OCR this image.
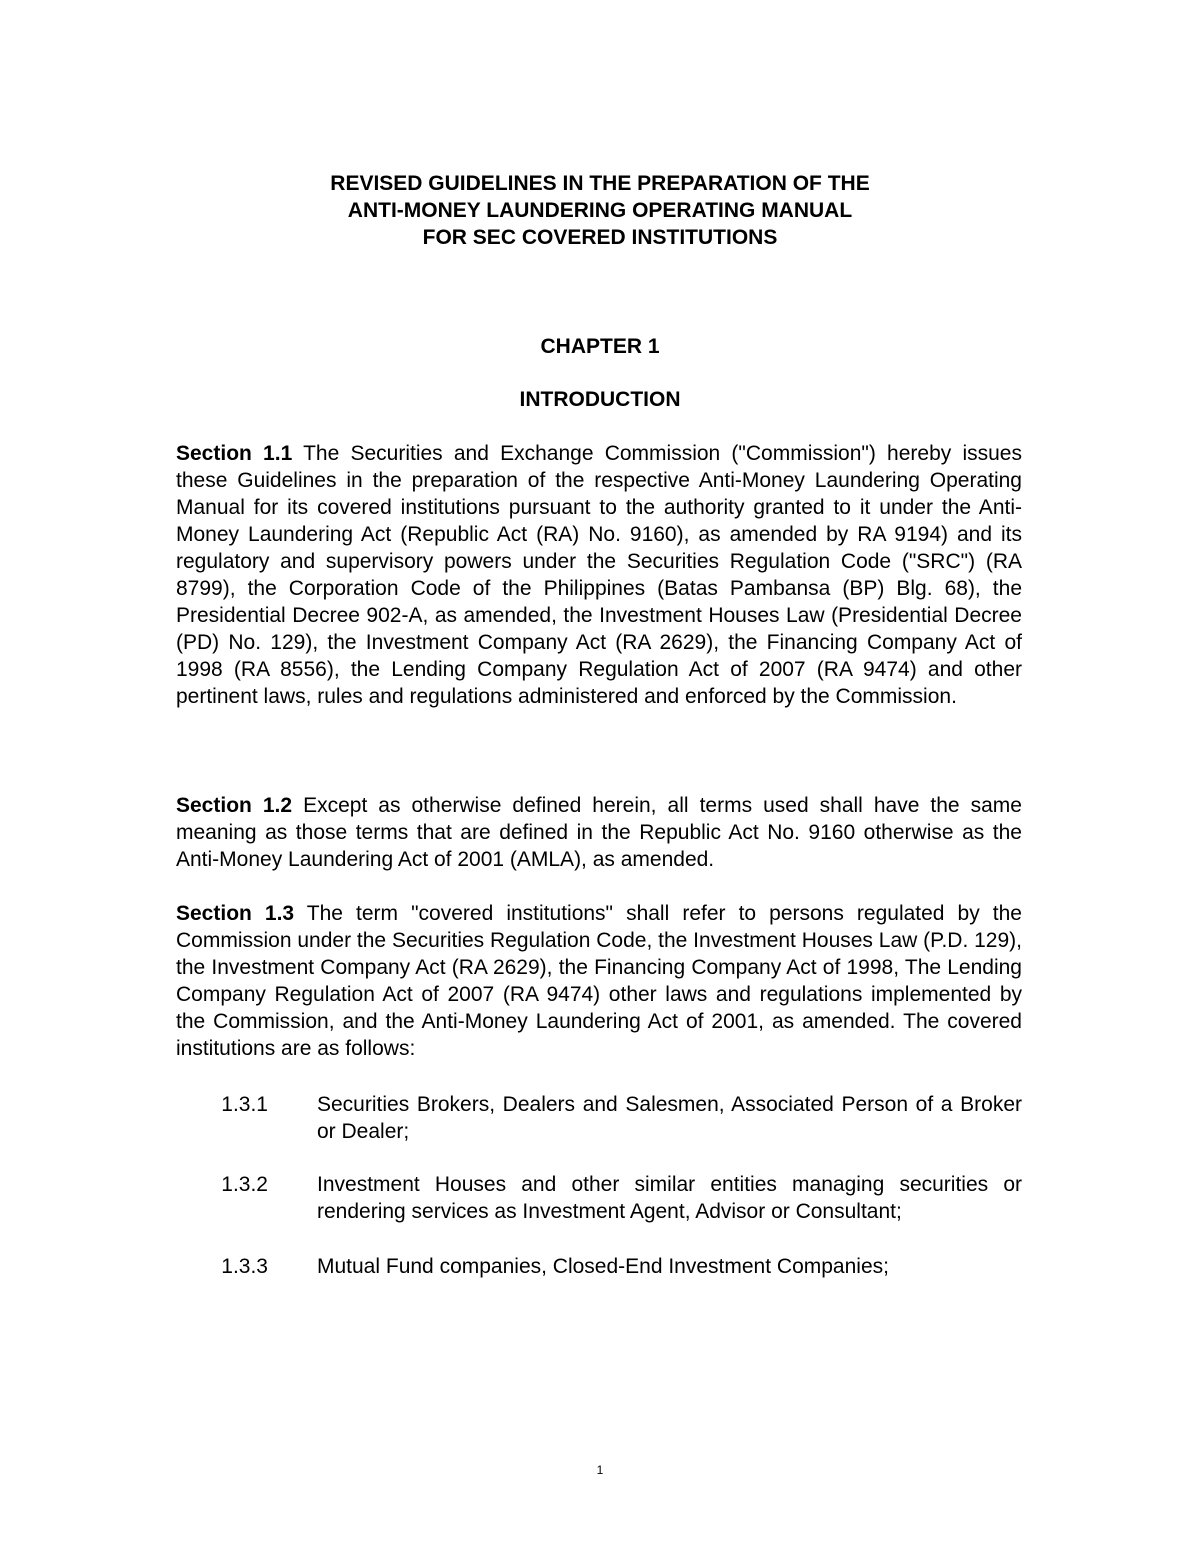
REVISED GUIDELINES IN THE PREPARATION OF THE
ANTI-MONEY LAUNDERING OPERATING MANUAL
FOR SEC COVERED INSTITUTIONS
CHAPTER 1
INTRODUCTION

Section 1.1 The Securities and Exchange Commission ("Commission") hereby issues these Guidelines in the preparation of the respective Anti-Money Laundering Operating Manual for its covered institutions pursuant to the authority granted to it under the Anti-Money Laundering Act (Republic Act (RA) No. 9160), as amended by RA 9194) and its regulatory and supervisory powers under the Securities Regulation Code ("SRC") (RA 8799), the Corporation Code of the Philippines (Batas Pambansa (BP) Blg. 68), the Presidential Decree 902-A, as amended, the Investment Houses Law (Presidential Decree (PD) No. 129), the Investment Company Act (RA 2629), the Financing Company Act of 1998 (RA 8556), the Lending Company Regulation Act of 2007 (RA 9474) and other pertinent laws, rules and regulations administered and enforced by the Commission.

Section 1.2 Except as otherwise defined herein, all terms used shall have the same meaning as those terms that are defined in the Republic Act No. 9160 otherwise as the Anti-Money Laundering Act of 2001 (AMLA), as amended.

Section 1.3 The term "covered institutions" shall refer to persons regulated by the Commission under the Securities Regulation Code, the Investment Houses Law (P.D. 129), the Investment Company Act (RA 2629), the Financing Company Act of 1998, The Lending Company Regulation Act of 2007 (RA 9474) other laws and regulations implemented by the Commission, and the Anti-Money Laundering Act of 2001, as amended. The covered institutions are as follows:

1.3.1 Securities Brokers, Dealers and Salesmen, Associated Person of a Broker or Dealer;
1.3.2 Investment Houses and other similar entities managing securities or rendering services as Investment Agent, Advisor or Consultant;
1.3.3 Mutual Fund companies, Closed-End Investment Companies;
1
